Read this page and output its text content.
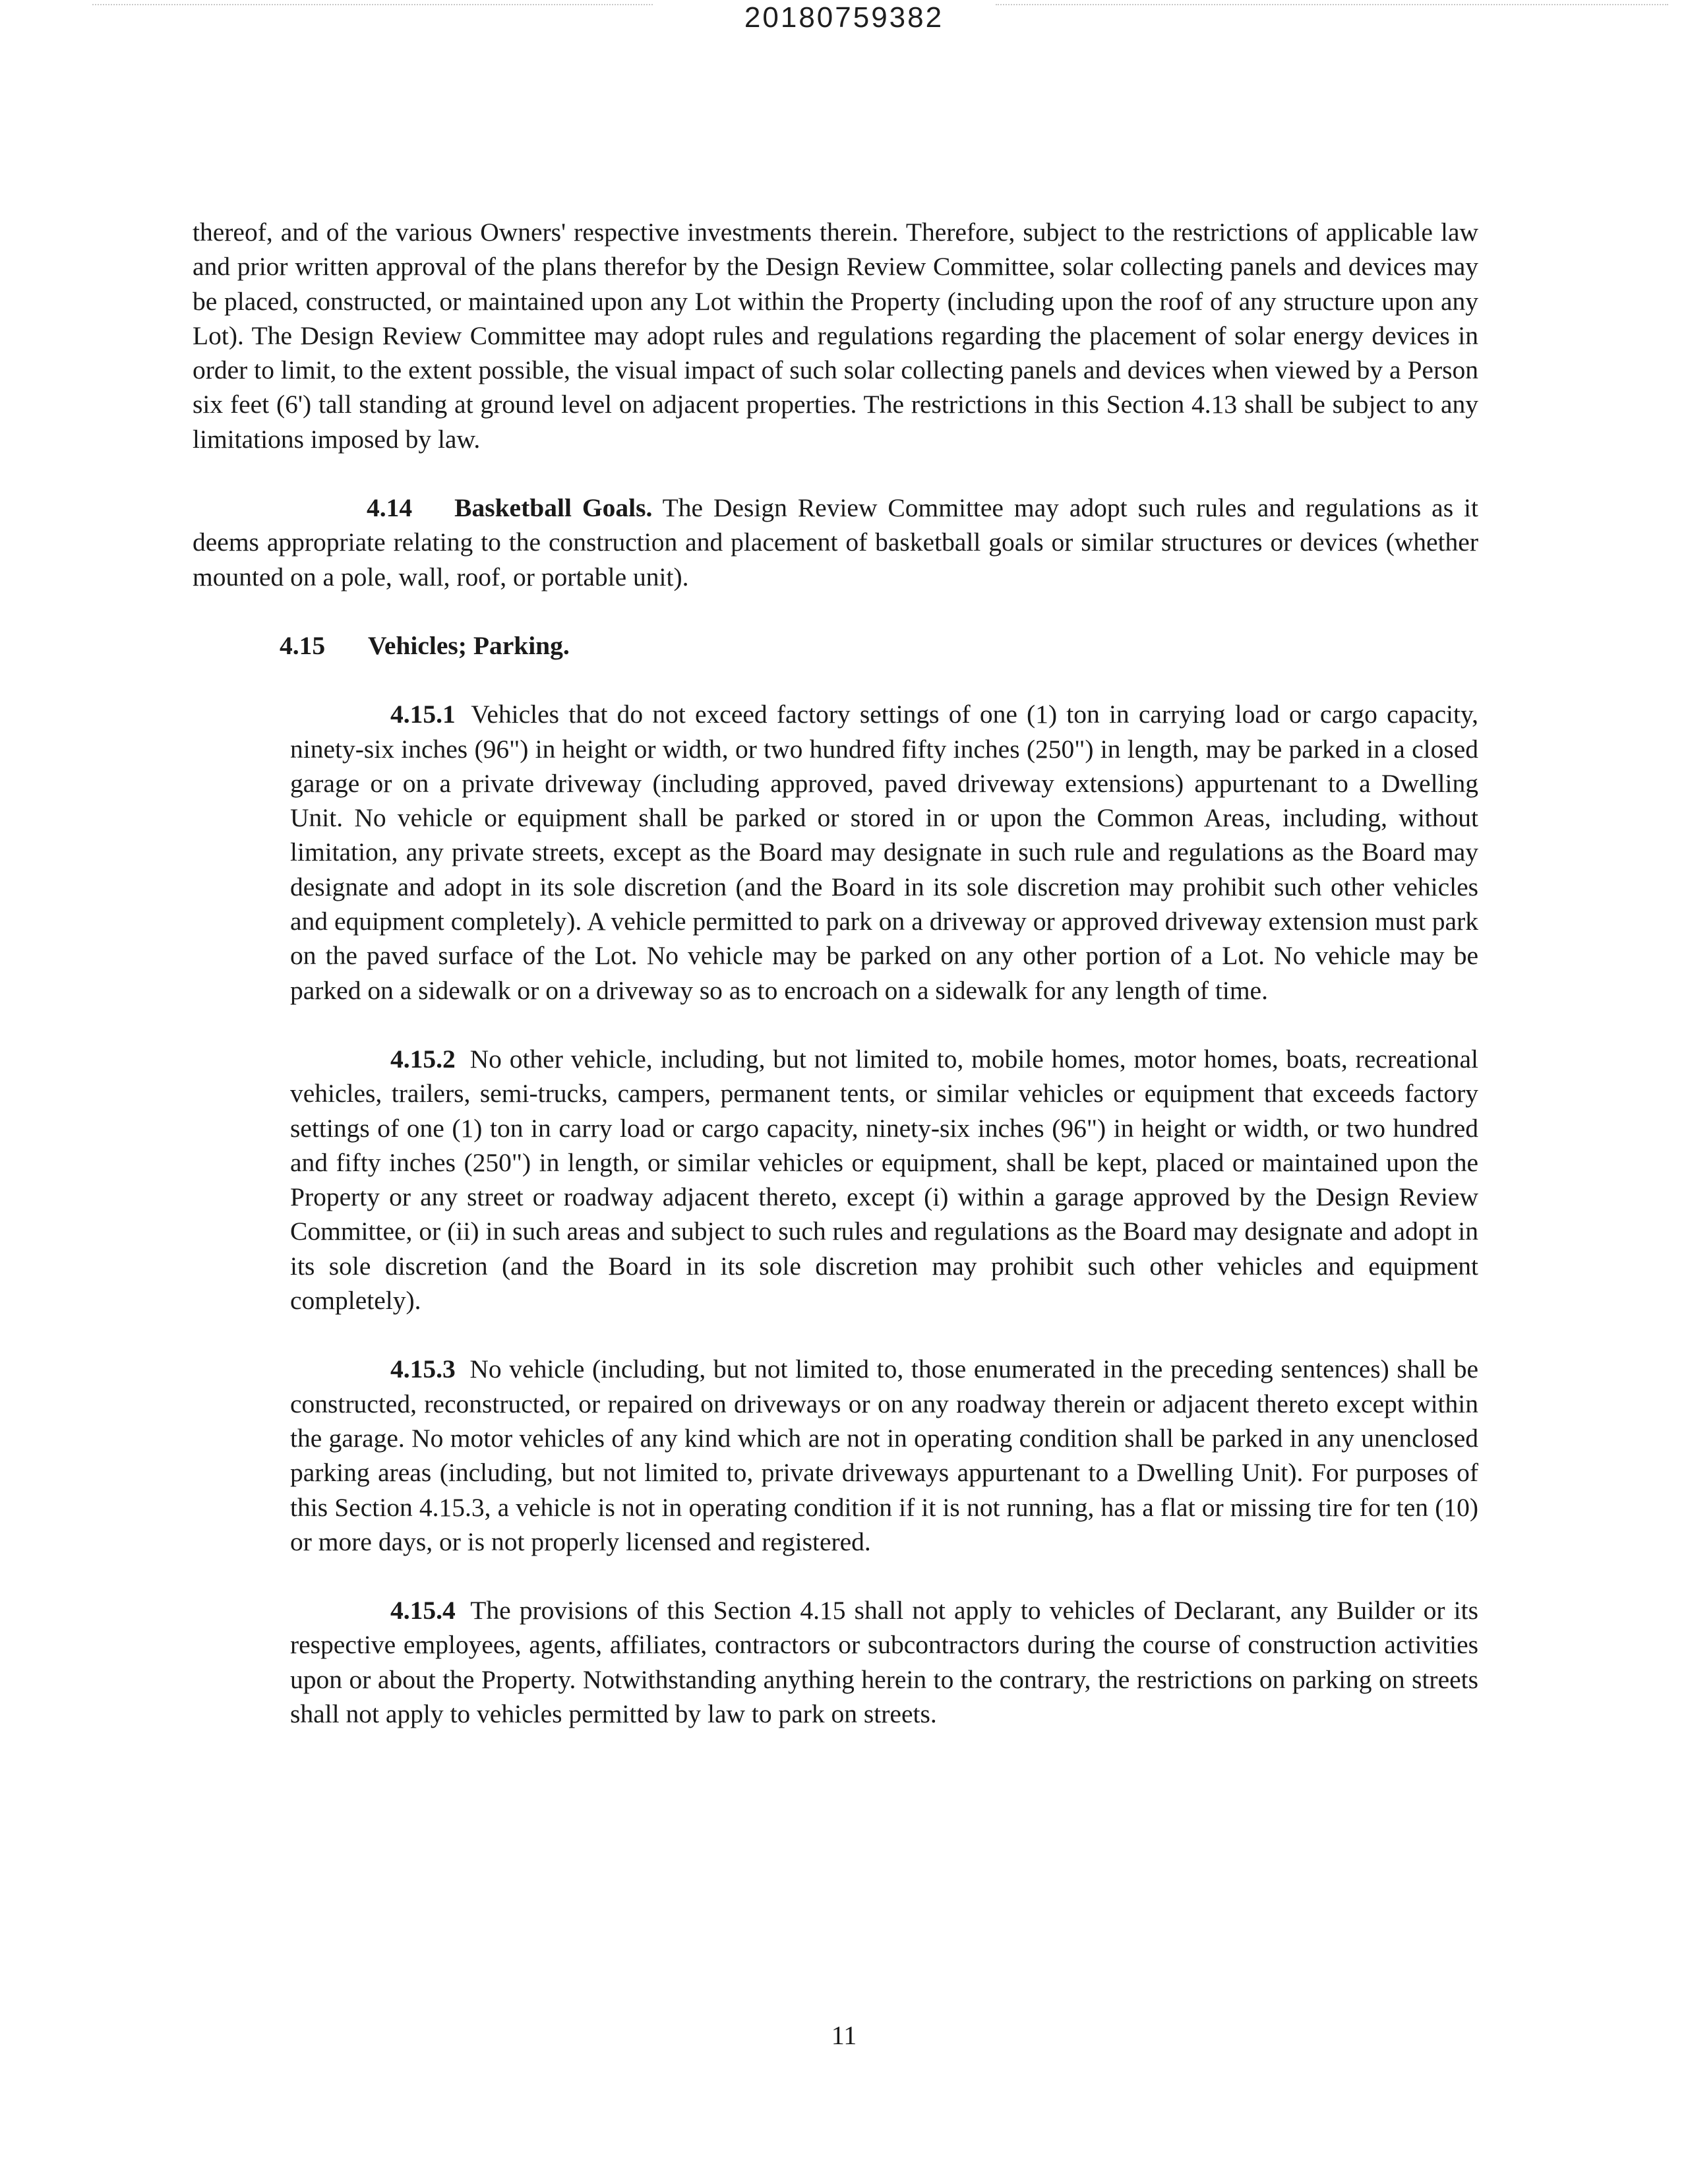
20180759382

thereof, and of the various Owners' respective investments therein. Therefore, subject to the restrictions of applicable law and prior written approval of the plans therefor by the Design Review Committee, solar collecting panels and devices may be placed, constructed, or maintained upon any Lot within the Property (including upon the roof of any structure upon any Lot). The Design Review Committee may adopt rules and regulations regarding the placement of solar energy devices in order to limit, to the extent possible, the visual impact of such solar collecting panels and devices when viewed by a Person six feet (6') tall standing at ground level on adjacent properties. The restrictions in this Section 4.13 shall be subject to any limitations imposed by law.

4.14 Basketball Goals. The Design Review Committee may adopt such rules and regulations as it deems appropriate relating to the construction and placement of basketball goals or similar structures or devices (whether mounted on a pole, wall, roof, or portable unit).

4.15 Vehicles; Parking.

4.15.1 Vehicles that do not exceed factory settings of one (1) ton in carrying load or cargo capacity, ninety-six inches (96") in height or width, or two hundred fifty inches (250") in length, may be parked in a closed garage or on a private driveway (including approved, paved driveway extensions) appurtenant to a Dwelling Unit. No vehicle or equipment shall be parked or stored in or upon the Common Areas, including, without limitation, any private streets, except as the Board may designate in such rule and regulations as the Board may designate and adopt in its sole discretion (and the Board in its sole discretion may prohibit such other vehicles and equipment completely). A vehicle permitted to park on a driveway or approved driveway extension must park on the paved surface of the Lot. No vehicle may be parked on any other portion of a Lot. No vehicle may be parked on a sidewalk or on a driveway so as to encroach on a sidewalk for any length of time.

4.15.2 No other vehicle, including, but not limited to, mobile homes, motor homes, boats, recreational vehicles, trailers, semi-trucks, campers, permanent tents, or similar vehicles or equipment that exceeds factory settings of one (1) ton in carry load or cargo capacity, ninety-six inches (96") in height or width, or two hundred and fifty inches (250") in length, or similar vehicles or equipment, shall be kept, placed or maintained upon the Property or any street or roadway adjacent thereto, except (i) within a garage approved by the Design Review Committee, or (ii) in such areas and subject to such rules and regulations as the Board may designate and adopt in its sole discretion (and the Board in its sole discretion may prohibit such other vehicles and equipment completely).

4.15.3 No vehicle (including, but not limited to, those enumerated in the preceding sentences) shall be constructed, reconstructed, or repaired on driveways or on any roadway therein or adjacent thereto except within the garage. No motor vehicles of any kind which are not in operating condition shall be parked in any unenclosed parking areas (including, but not limited to, private driveways appurtenant to a Dwelling Unit). For purposes of this Section 4.15.3, a vehicle is not in operating condition if it is not running, has a flat or missing tire for ten (10) or more days, or is not properly licensed and registered.

4.15.4 The provisions of this Section 4.15 shall not apply to vehicles of Declarant, any Builder or its respective employees, agents, affiliates, contractors or subcontractors during the course of construction activities upon or about the Property. Notwithstanding anything herein to the contrary, the restrictions on parking on streets shall not apply to vehicles permitted by law to park on streets.

11
